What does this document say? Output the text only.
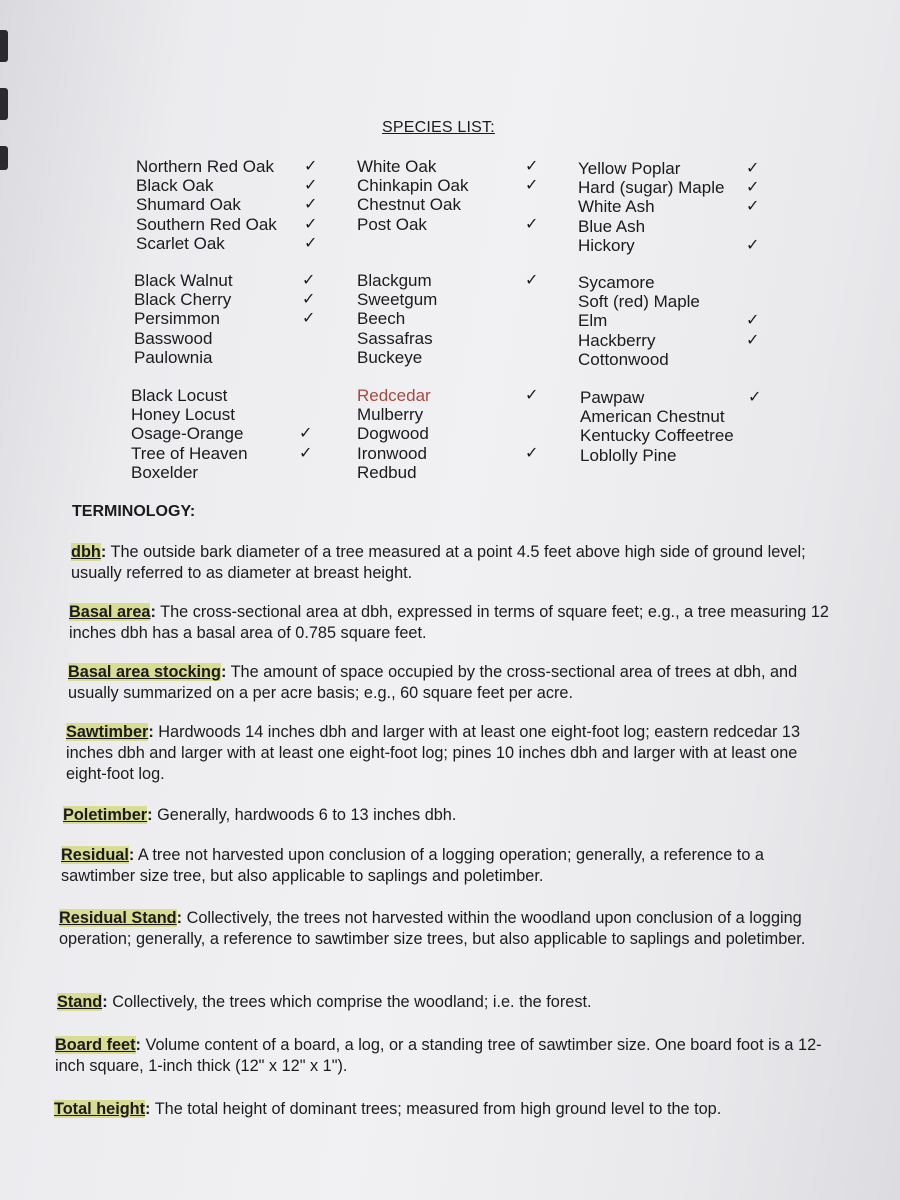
SPECIES LIST:
Northern Red Oak ✓
Black Oak	✓
Shumard Oak	✓
Southern Red Oak ✓
Scarlet Oak	✓
Black Walnut	✓
Black Cherry	✓
Persimmon	✓
Basswood
Paulownia
Black Locust
Honey Locust
Osage-Orange	✓
Tree of Heaven	✓
Boxelder
White Oak	✓
Chinkapin Oak	✓
Chestnut Oak
Post Oak	✓
Blackgum	✓
Sweetgum
Beech
Sassafras
Buckeye
Redcedar	✓
Mulberry
Dogwood
Ironwood	✓
Redbud
Yellow Poplar	✓
Hard (sugar) Maple ✓
White Ash	✓
Blue Ash
Hickory	✓
Sycamore
Soft (red) Maple
Elm	✓
Hackberry	✓
Cottonwood
Pawpaw	✓
American Chestnut
Kentucky Coffeetree
Loblolly Pine
TERMINOLOGY:
dbh: The outside bark diameter of a tree measured at a point 4.5 feet above high side of ground level; usually referred to as diameter at breast height.
Basal area: The cross-sectional area at dbh, expressed in terms of square feet; e.g., a tree measuring 12 inches dbh has a basal area of 0.785 square feet.
Basal area stocking: The amount of space occupied by the cross-sectional area of trees at dbh, and usually summarized on a per acre basis; e.g., 60 square feet per acre.
Sawtimber: Hardwoods 14 inches dbh and larger with at least one eight-foot log; eastern redcedar 13 inches dbh and larger with at least one eight-foot log; pines 10 inches dbh and larger with at least one eight-foot log.
Poletimber: Generally, hardwoods 6 to 13 inches dbh.
Residual: A tree not harvested upon conclusion of a logging operation; generally, a reference to a sawtimber size tree, but also applicable to saplings and poletimber.
Residual Stand: Collectively, the trees not harvested within the woodland upon conclusion of a logging operation; generally, a reference to sawtimber size trees, but also applicable to saplings and poletimber.
Stand: Collectively, the trees which comprise the woodland; i.e. the forest.
Board feet: Volume content of a board, a log, or a standing tree of sawtimber size. One board foot is a 12-inch square, 1-inch thick (12" x 12" x 1").
Total height: The total height of dominant trees; measured from high ground level to the top.
